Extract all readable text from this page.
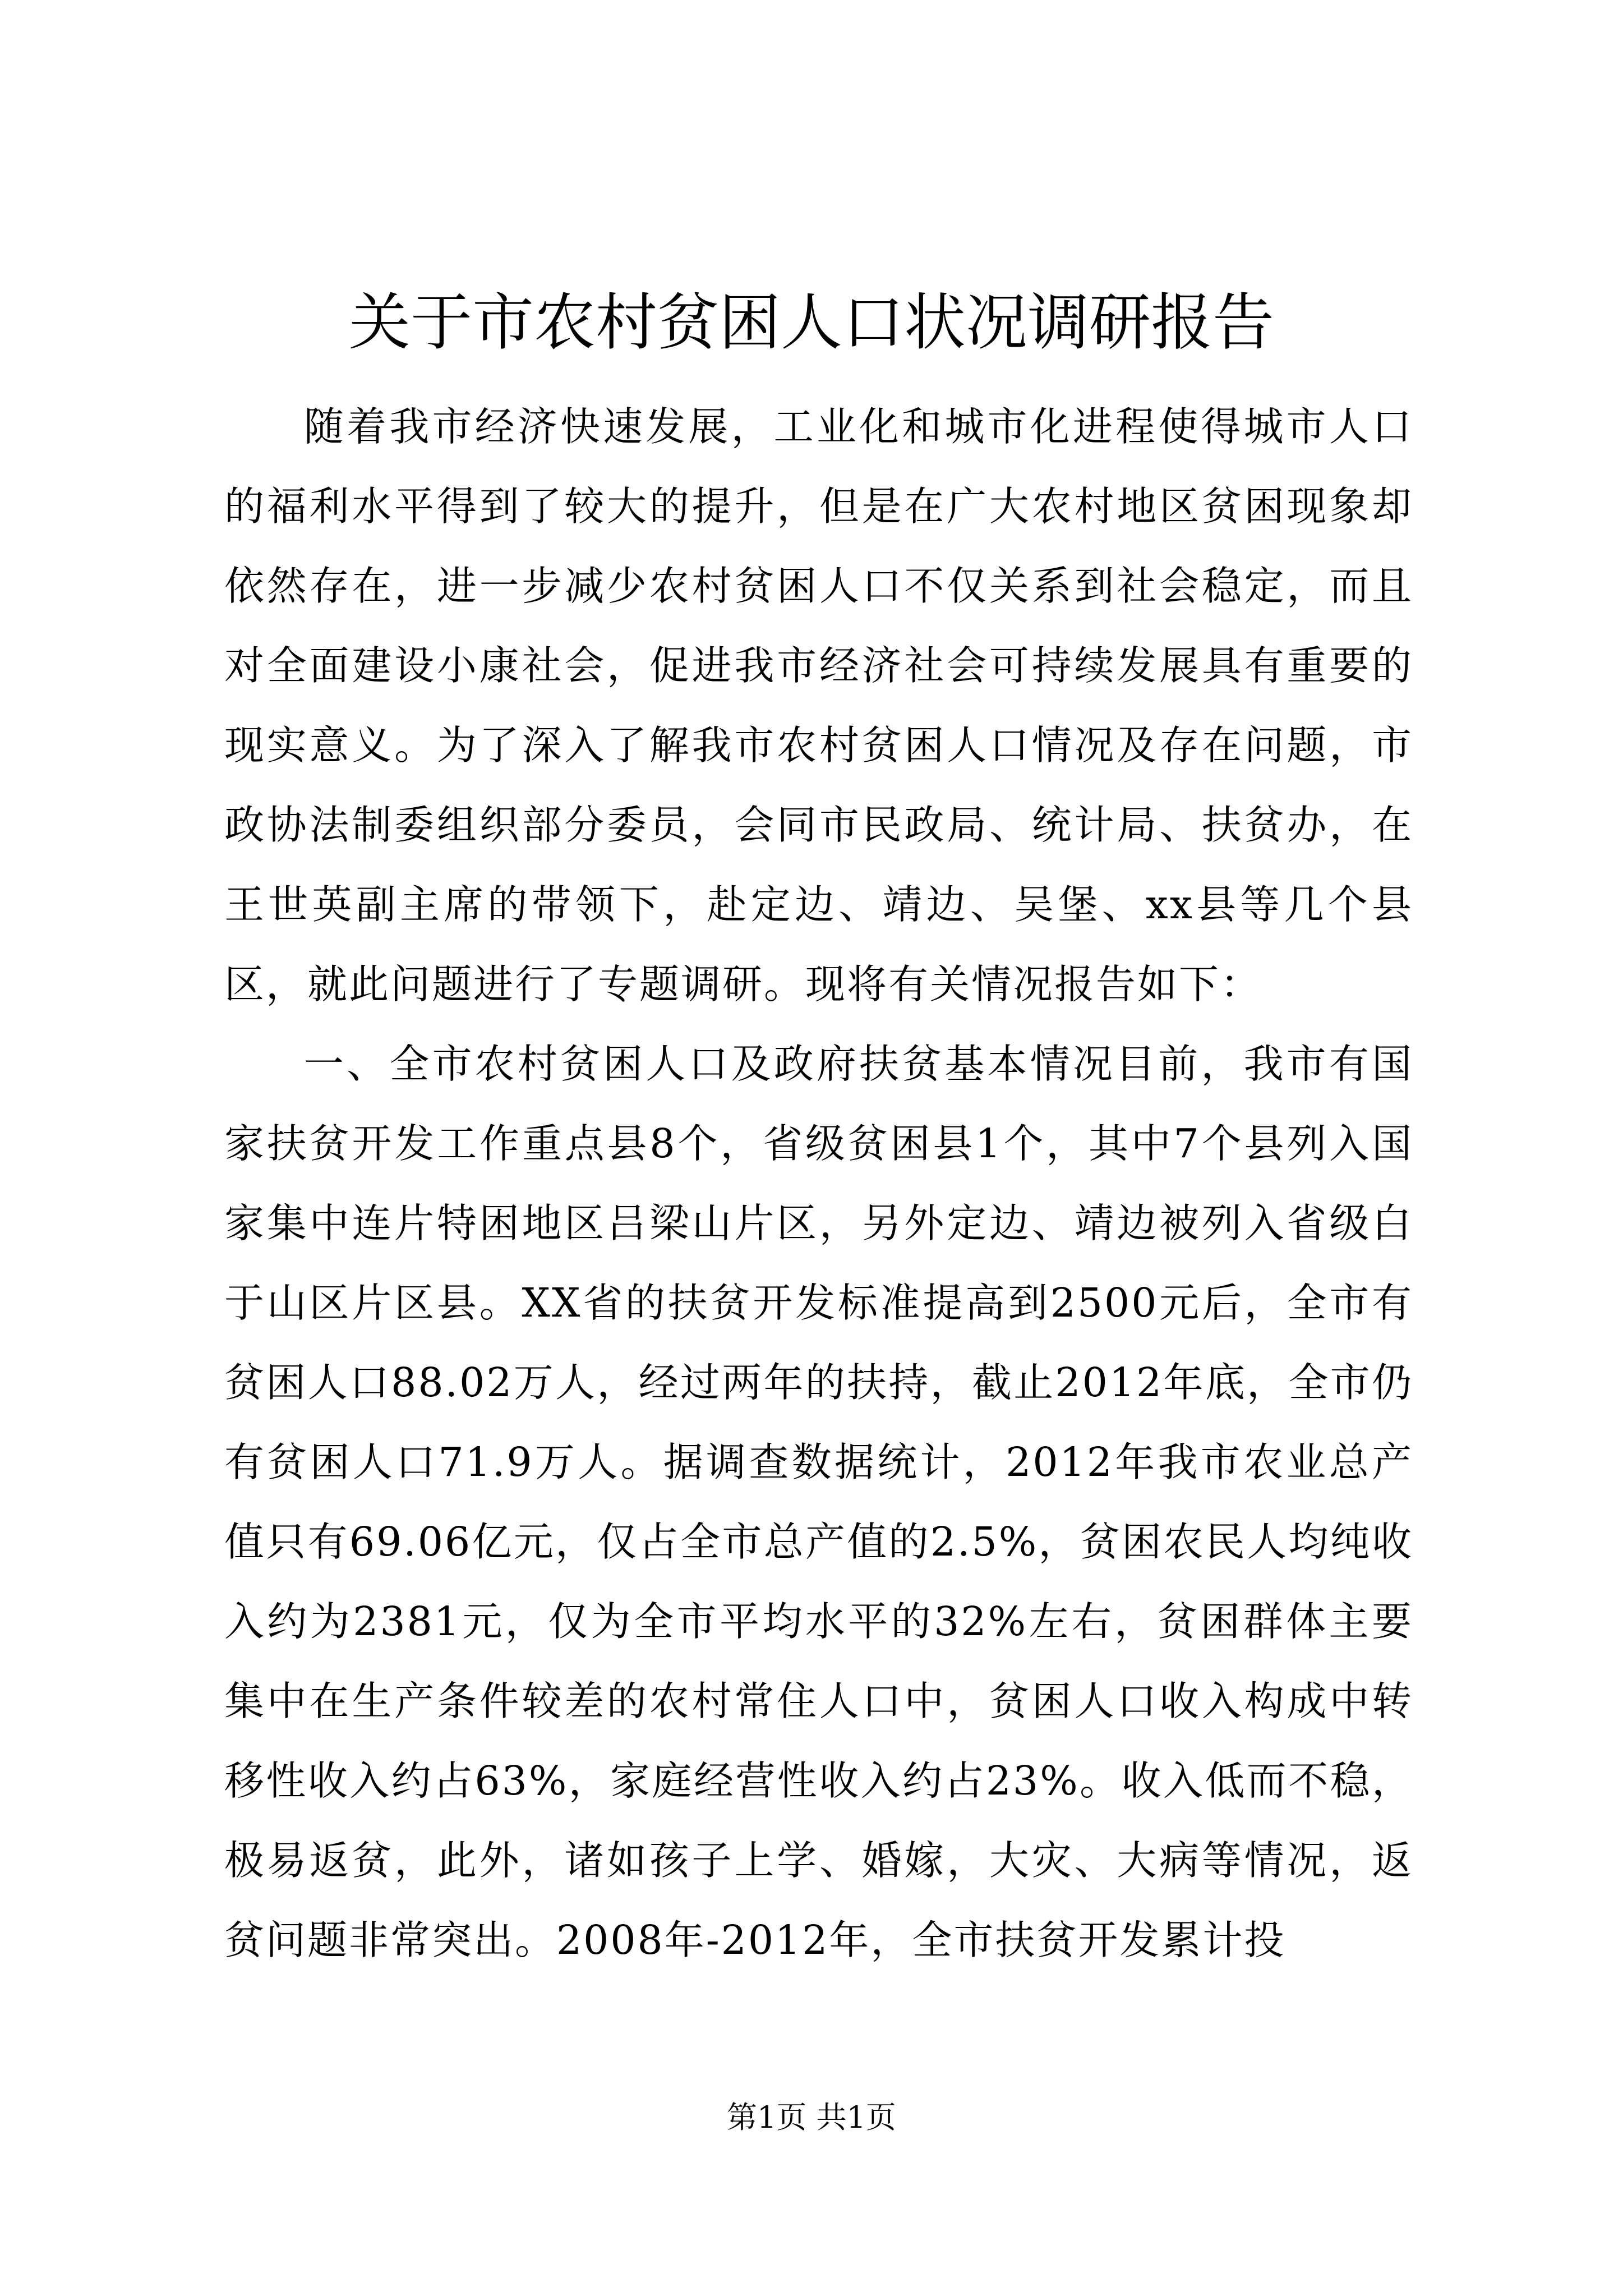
关于市农村贫困人口状况调研报告

随着我市经济快速发展，工业化和城市化进程使得城市人口的福利水平得到了较大的提升，但是在广大农村地区贫困现象却依然存在，进一步减少农村贫困人口不仅关系到社会稳定，而且对全面建设小康社会，促进我市经济社会可持续发展具有重要的现实意义。为了深入了解我市农村贫困人口情况及存在问题，市政协法制委组织部分委员，会同市民政局、统计局、扶贫办，在王世英副主席的带领下，赴定边、靖边、吴堡、xx县等几个县区，就此问题进行了专题调研。现将有关情况报告如下：

一、全市农村贫困人口及政府扶贫基本情况目前，我市有国家扶贫开发工作重点县8个，省级贫困县1个，其中7个县列入国家集中连片特困地区吕梁山片区，另外定边、靖边被列入省级白于山区片区县。XX省的扶贫开发标准提高到2500元后，全市有贫困人口88.02万人，经过两年的扶持，截止2012年底，全市仍有贫困人口71.9万人。据调查数据统计，2012年我市农业总产值只有69.06亿元，仅占全市总产值的2.5%，贫困农民人均纯收入约为2381元，仅为全市平均水平的32%左右，贫困群体主要集中在生产条件较差的农村常住人口中，贫困人口收入构成中转移性收入约占63%，家庭经营性收入约占23%。收入低而不稳，极易返贫，此外，诸如孩子上学、婚嫁，大灾、大病等情况，返贫问题非常突出。2008年-2012年，全市扶贫开发累计投

第1页 共1页
